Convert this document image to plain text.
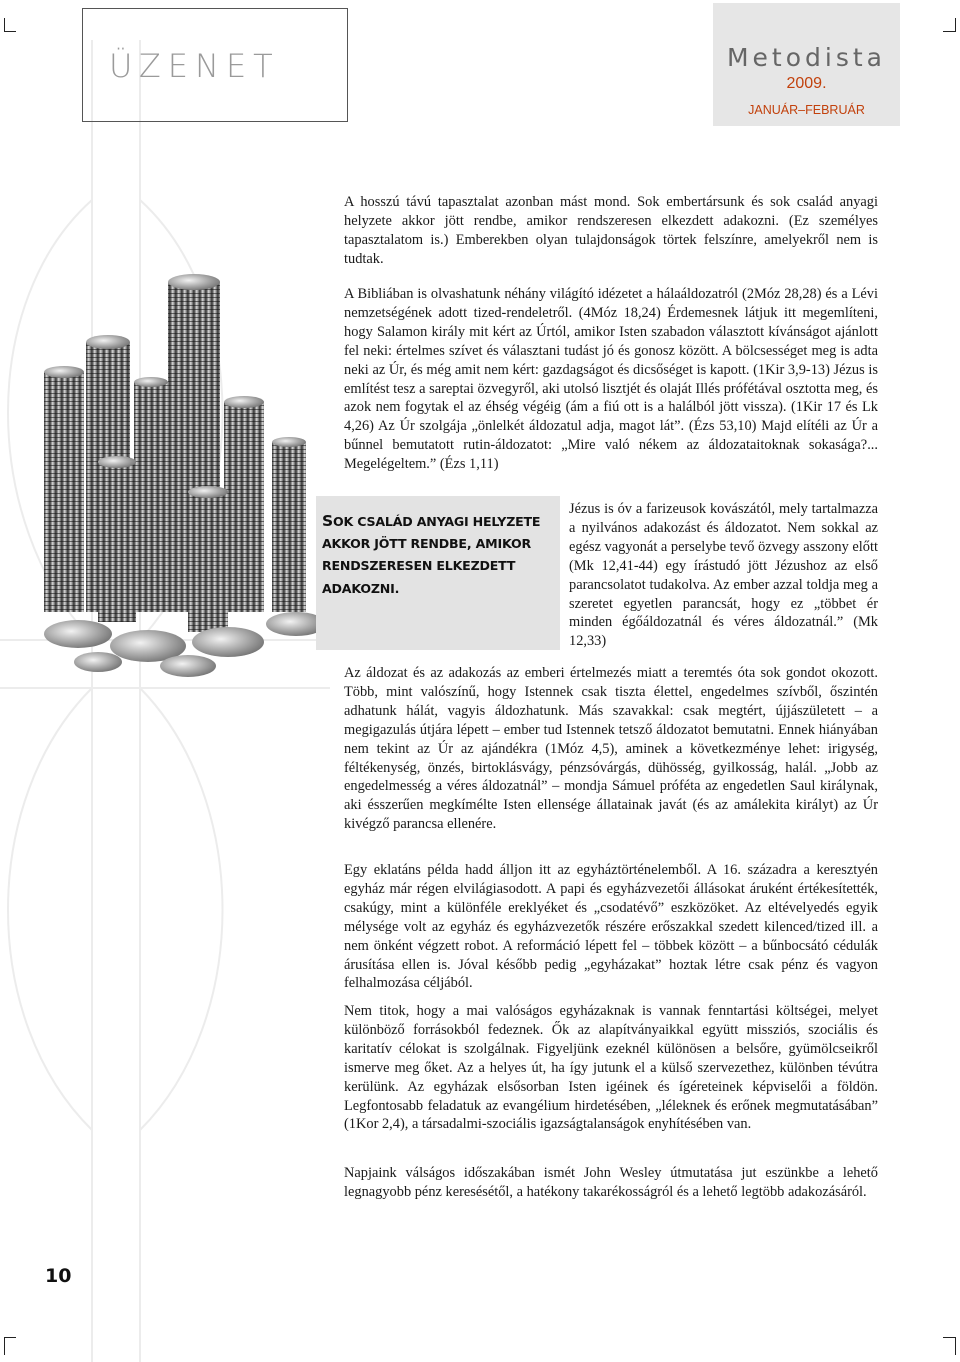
ÜZENET	Metodista
2009.
JANUÁR–FEBRUÁR

A hosszú távú tapasztalat azonban mást mond. Sok embertársunk és sok család anyagi helyzete akkor jött rendbe, amikor rendszeresen elkezdett adakozni. (Ez személyes tapasztalatom is.) Emberekben olyan tulajdonságok törtek felszínre, amelyekről nem is tudtak.

A Bibliában is olvashatunk néhány világító idézetet a hálaáldozatról (2Móz 28,28) és a Lévi nemzetségének adott tized-rendeletről. (4Móz 18,24) Érdemesnek látjuk itt megemlíteni, hogy Salamon király mit kért az Úrtól, amikor Isten szabadon választott kívánságot ajánlott fel neki: értelmes szívet és választani tudást jó és gonosz között. A bölcsességet meg is adta neki az Úr, és még amit nem kért: gazdagságot és dicsőséget is kapott. (1Kir 3,9-13) Jézus is említést tesz a sareptai özvegyről, aki utolsó lisztjét és olaját Illés prófétával osztotta meg, és azok nem fogytak el az éhség végéig (ám a fiú ott is a halálból jött vissza). (1Kir 17 és Lk 4,26) Az Úr szolgája „önlelkét áldozatul adja, magot lát”. (Ézs 53,10) Majd elítéli az Úr a bűnnel bemutatott rutin-áldozatot: „Mire való nékem az áldozataitoknak sokasága?... Megelégeltem.” (Ézs 1,11)

SOK CSALÁD ANYAGI HELYZETE AKKOR JÖTT RENDBE, AMIKOR RENDSZERESEN ELKEZDETT ADAKOZNI.

Jézus is óv a farizeusok kovászától, mely tartalmazza a nyilvános adakozást és áldozatot. Nem sokkal az egész vagyonát a perselybe tevő özvegy asszony előtt (Mk 12,41-44) egy írástudó jött Jézushoz az első parancsolatot tudakolva. Az ember azzal toldja meg a szeretet egyetlen parancsát, hogy ez „többet ér minden égőáldozatnál és véres áldozatnál.” (Mk 12,33)

Az áldozat és az adakozás az emberi értelmezés miatt a teremtés óta sok gondot okozott. Több, mint valószínű, hogy Istennek csak tiszta élettel, engedelmes szívből, őszintén adhatunk hálát, vagyis áldozhatunk. Más szavakkal: csak megtért, újjászületett – a megigazulás útjára lépett – ember tud Istennek tetsző áldozatot bemutatni. Ennek hiányában nem tekint az Úr az ajándékra (1Móz 4,5), aminek a következménye lehet: irigység, féltékenység, önzés, birtoklásvágy, pénzsóvárgás, dühösség, gyilkosság, halál. „Jobb az engedelmesség a véres áldozatnál” – mondja Sámuel próféta az engedetlen Saul királynak, aki ésszerűen megkímélte Isten ellensége állatainak javát (és az amálekita királyt) az Úr kivégző parancsa ellenére.

Egy eklatáns példa hadd álljon itt az egyháztörténelemből. A 16. századra a keresztyén egyház már régen elvilágiasodott. A papi és egyházvezetői állásokat áruként értékesítették, csakúgy, mint a különféle ereklyéket és „csodatévő” eszközöket. Az eltévelyedés egyik mélysége volt az egyház és egyházvezetők részére erőszakkal szedett kilenced/tized ill. a nem önként végzett robot. A reformáció lépett fel – többek között – a bűnbocsátó cédulák árusítása ellen is. Jóval később pedig „egyházakat” hoztak létre csak pénz és vagyon felhalmozása céljából.

Nem titok, hogy a mai valóságos egyházaknak is vannak fenntartási költségei, melyet különböző forrásokból fedeznek. Ők az alapítványaikkal együtt missziós, szociális és karitatív célokat is szolgálnak. Figyeljünk ezeknél különösen a belsőre, gyümölcseikről ismerve meg őket. Az a helyes út, ha így jutunk el a külső szervezethez, különben tévútra kerülünk. Az egyházak elsősorban Isten igéinek és ígéreteinek képviselői a földön. Legfontosabb feladatuk az evangélium hirdetésében, „léleknek és erőnek megmutatásában” (1Kor 2,4), a társadalmi-szociális igazságtalanságok enyhítésében van.

Napjaink válságos időszakában ismét John Wesley útmutatása jut eszünkbe a lehető legnagyobb pénz keresésétől, a hatékony takarékosságról és a lehető legtöbb adakozásáról.

10
